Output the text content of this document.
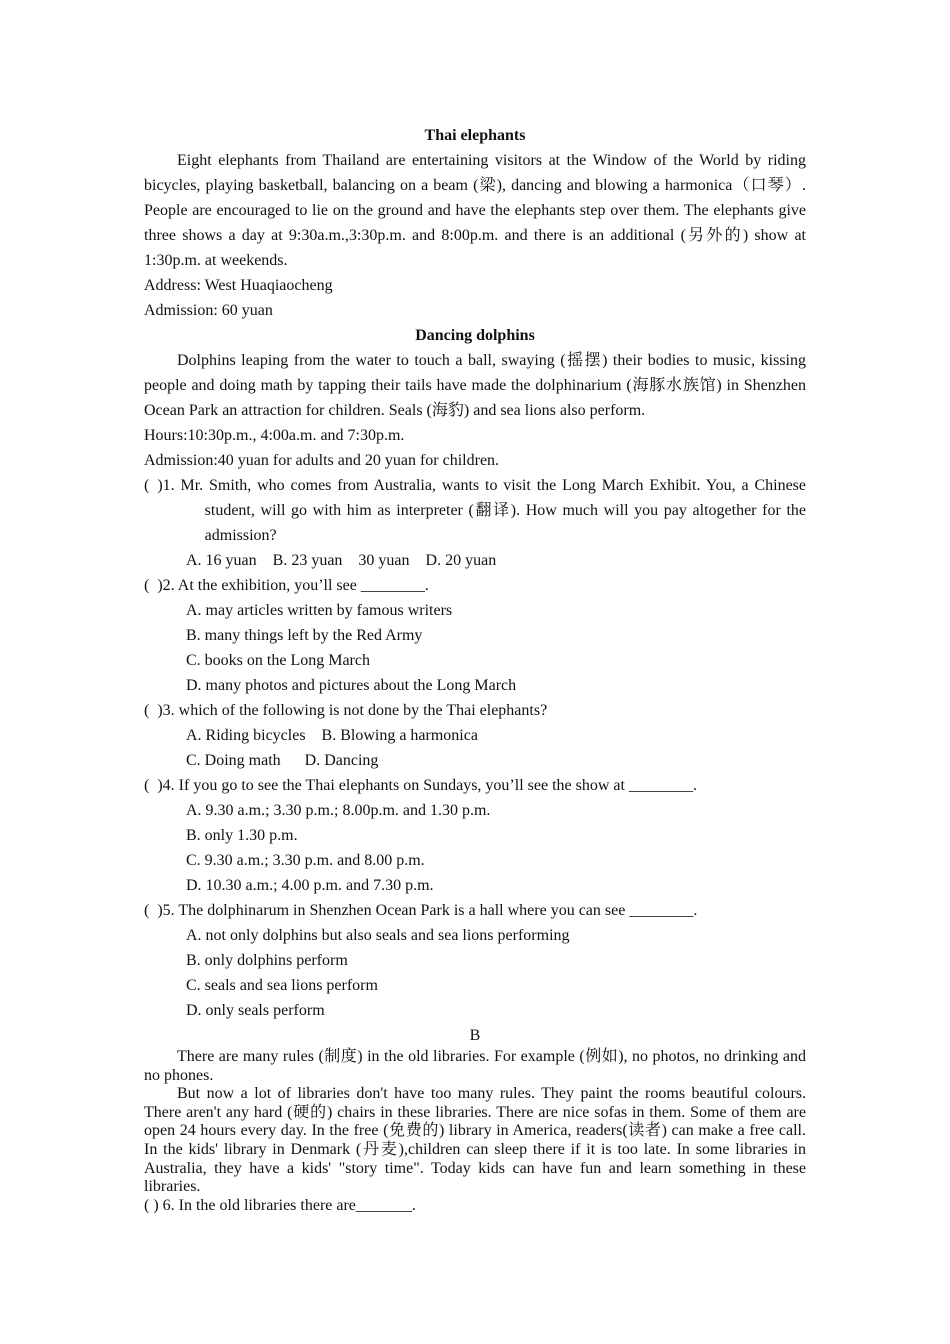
Thai elephants

Eight elephants from Thailand are entertaining visitors at the Window of the World by riding bicycles, playing basketball, balancing on a beam (梁), dancing and blowing a harmonica（口琴）. People are encouraged to lie on the ground and have the elephants step over them. The elephants give three shows a day at 9:30a.m.,3:30p.m. and 8:00p.m. and there is an additional (另外的) show at 1:30p.m. at weekends.

Address: West Huaqiaocheng

Admission: 60 yuan

Dancing dolphins

Dolphins leaping from the water to touch a ball, swaying (摇摆) their bodies to music, kissing people and doing math by tapping their tails have made the dolphinarium (海豚水族馆) in Shenzhen Ocean Park an attraction for children. Seals (海豹) and sea lions also perform.

Hours:10:30p.m., 4:00a.m. and 7:30p.m.

Admission:40 yuan for adults and 20 yuan for children.

(  ) 1. Mr. Smith, who comes from Australia, wants to visit the Long March Exhibit. You, a Chinese student, will go with him as interpreter (翻译). How much will you pay altogether for the admission?

A. 16 yuan    B. 23 yuan    30 yuan    D. 20 yuan

(  ) 2. At the exhibition, you’ll see ________.

A. may articles written by famous writers

B. many things left by the Red Army

C. books on the Long March

D. many photos and pictures about the Long March

(  ) 3. which of the following is not done by the Thai elephants?

A. Riding bicycles    B. Blowing a harmonica

C. Doing math      D. Dancing

(  ) 4. If you go to see the Thai elephants on Sundays, you’ll see the show at ________.

A. 9.30 a.m.; 3.30 p.m.; 8.00p.m. and 1.30 p.m.

B. only 1.30 p.m.

C. 9.30 a.m.; 3.30 p.m. and 8.00 p.m.

D. 10.30 a.m.; 4.00 p.m. and 7.30 p.m.

(  ) 5. The dolphinarum in Shenzhen Ocean Park is a hall where you can see ________.

A. not only dolphins but also seals and sea lions performing

B. only dolphins perform

C. seals and sea lions perform

D. only seals perform

B

There are many rules (制度) in the old libraries. For example (例如), no photos, no drinking and no phones.

But now a lot of libraries don't have too many rules. They paint the rooms beautiful colours. There aren't any hard (硬的) chairs in these libraries. There are nice sofas in them. Some of them are open 24 hours every day. In the free (免费的) library in America, readers(读者) can make a free call. In the kids' library in Denmark (丹麦),children can sleep there if it is too late. In some libraries in Australia, they have a kids' "story time". Today kids can have fun and learn something in these libraries.

( ) 6. In the old libraries there are_______.
